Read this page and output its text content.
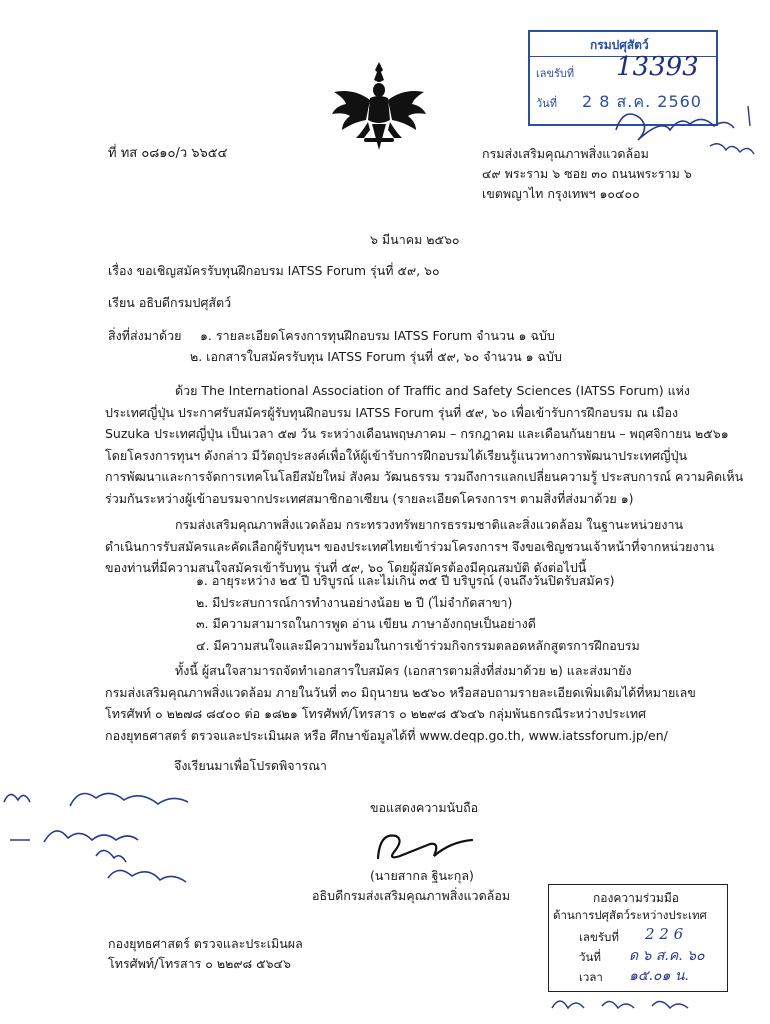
ที่ ทส ๐๘๑๐/ว ๖๖๕๔	กรมส่งเสริมคุณภาพสิ่งแวดล้อม
๔๙ พระราม ๖ ซอย ๓๐ ถนนพระราม ๖
เขตพญาไท กรุงเทพฯ ๑๐๔๐๐
๖ มีนาคม ๒๕๖๐
เรื่อง ขอเชิญสมัครรับทุนฝึกอบรม IATSS Forum รุ่นที่ ๕๙, ๖๐
เรียน อธิบดีกรมปศุสัตว์
สิ่งที่ส่งมาด้วย ๑. รายละเอียดโครงการทุนฝึกอบรม IATSS Forum จำนวน ๑ ฉบับ
๒. เอกสารใบสมัครรับทุน IATSS Forum รุ่นที่ ๕๙, ๖๐ จำนวน ๑ ฉบับ
ด้วย The International Association of Traffic and Safety Sciences (IATSS Forum) แห่ง
ประเทศญี่ปุ่น ประกาศรับสมัครผู้รับทุนฝึกอบรม IATSS Forum รุ่นที่ ๕๙, ๖๐ เพื่อเข้ารับการฝึกอบรม ณ เมือง
Suzuka ประเทศญี่ปุ่น เป็นเวลา ๕๗ วัน ระหว่างเดือนพฤษภาคม – กรกฎาคม และเดือนกันยายน – พฤศจิกายน ๒๕๖๑
โดยโครงการทุนฯ ดังกล่าว มีวัตถุประสงค์เพื่อให้ผู้เข้ารับการฝึกอบรมได้เรียนรู้แนวทางการพัฒนาประเทศญี่ปุ่น
การพัฒนาและการจัดการเทคโนโลยีสมัยใหม่ สังคม วัฒนธรรม รวมถึงการแลกเปลี่ยนความรู้ ประสบการณ์ ความคิดเห็น
ร่วมกันระหว่างผู้เข้าอบรมจากประเทศสมาชิกอาเซียน (รายละเอียดโครงการฯ ตามสิ่งที่ส่งมาด้วย ๑)
กรมส่งเสริมคุณภาพสิ่งแวดล้อม กระทรวงทรัพยากรธรรมชาติและสิ่งแวดล้อม ในฐานะหน่วยงาน
ดำเนินการรับสมัครและคัดเลือกผู้รับทุนฯ ของประเทศไทยเข้าร่วมโครงการฯ จึงขอเชิญชวนเจ้าหน้าที่จากหน่วยงาน
ของท่านที่มีความสนใจสมัครเข้ารับทุน รุ่นที่ ๕๙, ๖๐ โดยผู้สมัครต้องมีคุณสมบัติ ดังต่อไปนี้
๑. อายุระหว่าง ๒๕ ปี บริบูรณ์ และไม่เกิน ๓๕ ปี บริบูรณ์ (จนถึงวันปิดรับสมัคร)
๒. มีประสบการณ์การทำงานอย่างน้อย ๒ ปี (ไม่จำกัดสาขา)
๓. มีความสามารถในการพูด อ่าน เขียน ภาษาอังกฤษเป็นอย่างดี
๔. มีความสนใจและมีความพร้อมในการเข้าร่วมกิจกรรมตลอดหลักสูตรการฝึกอบรม
ทั้งนี้ ผู้สนใจสามารถจัดทำเอกสารใบสมัคร (เอกสารตามสิ่งที่ส่งมาด้วย ๒) และส่งมายัง
กรมส่งเสริมคุณภาพสิ่งแวดล้อม ภายในวันที่ ๓๐ มิถุนายน ๒๕๖๐ หรือสอบถามรายละเอียดเพิ่มเติมได้ที่หมายเลข
โทรศัพท์ ๐ ๒๒๗๘ ๘๔๐๐ ต่อ ๑๘๒๑ โทรศัพท์/โทรสาร ๐ ๒๒๙๘ ๕๖๔๖ กลุ่มพันธกรณีระหว่างประเทศ
กองยุทธศาสตร์ ตรวจและประเมินผล หรือ ศึกษาข้อมูลได้ที่ www.deqp.go.th, www.iatssforum.jp/en/
จึงเรียนมาเพื่อโปรดพิจารณา
ขอแสดงความนับถือ
(นายสากล ฐินะกุล)
อธิบดีกรมส่งเสริมคุณภาพสิ่งแวดล้อม
กองยุทธศาสตร์ ตรวจและประเมินผล
โทรศัพท์/โทรสาร ๐ ๒๒๙๘ ๕๖๔๖
กรมปศุสัตว์
เลขรับที่ 13393
วันที่ 2 8 ส.ค. 2560
กองความร่วมมือ
ด้านการปศุสัตว์ระหว่างประเทศ
เลขรับที่ 2 2 6
วันที่ ด ๖ ส.ค. ๖๐
เวลา ๑๕.๐๑ น.
